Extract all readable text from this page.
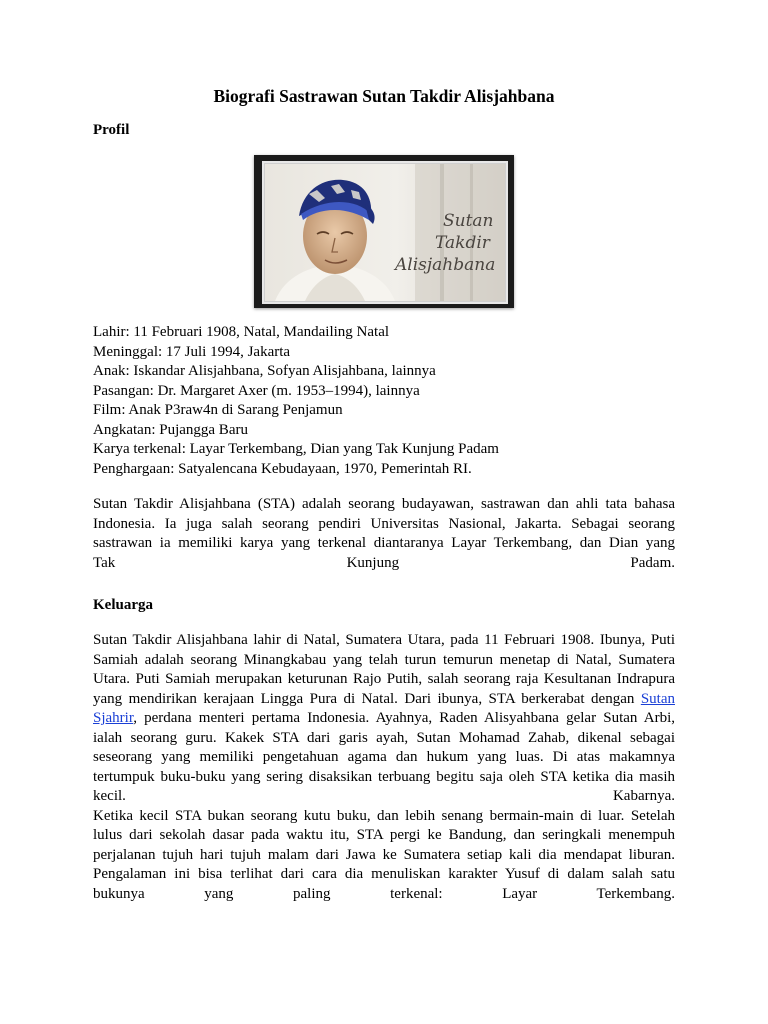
Biografi Sastrawan Sutan Takdir Alisjahbana
Profil
Sutan
Takdir
Alisjahbana
Lahir: 11 Februari 1908, Natal, Mandailing Natal
Meninggal: 17 Juli 1994, Jakarta
Anak: Iskandar Alisjahbana, Sofyan Alisjahbana, lainnya
Pasangan: Dr. Margaret Axer (m. 1953–1994), lainnya
Film: Anak P3raw4n di Sarang Penjamun
Angkatan: Pujangga Baru
Karya terkenal: Layar Terkembang, Dian yang Tak Kunjung Padam
Penghargaan: Satyalencana Kebudayaan, 1970, Pemerintah RI.
Sutan Takdir Alisjahbana (STA) adalah seorang budayawan, sastrawan dan ahli tata bahasa
Indonesia. Ia juga salah seorang pendiri Universitas Nasional, Jakarta. Sebagai seorang
sastrawan ia memiliki karya yang terkenal diantaranya Layar Terkembang, dan Dian yang
Tak Kunjung Padam.
Keluarga
Sutan Takdir Alisjahbana lahir di Natal, Sumatera Utara, pada 11 Februari 1908. Ibunya, Puti
Samiah adalah seorang Minangkabau yang telah turun temurun menetap di Natal, Sumatera
Utara. Puti Samiah merupakan keturunan Rajo Putih, salah seorang raja Kesultanan Indrapura
yang mendirikan kerajaan Lingga Pura di Natal. Dari ibunya, STA berkerabat dengan Sutan
Sjahrir, perdana menteri pertama Indonesia. Ayahnya, Raden Alisyahbana gelar Sutan Arbi,
ialah seorang guru. Kakek STA dari garis ayah, Sutan Mohamad Zahab, dikenal sebagai
seseorang yang memiliki pengetahuan agama dan hukum yang luas. Di atas makamnya
tertumpuk buku-buku yang sering disaksikan terbuang begitu saja oleh STA ketika dia masih
kecil. Kabarnya.
Ketika kecil STA bukan seorang kutu buku, dan lebih senang bermain-main di luar. Setelah
lulus dari sekolah dasar pada waktu itu, STA pergi ke Bandung, dan seringkali menempuh
perjalanan tujuh hari tujuh malam dari Jawa ke Sumatera setiap kali dia mendapat liburan.
Pengalaman ini bisa terlihat dari cara dia menuliskan karakter Yusuf di dalam salah satu
bukunya yang paling terkenal: Layar Terkembang.
